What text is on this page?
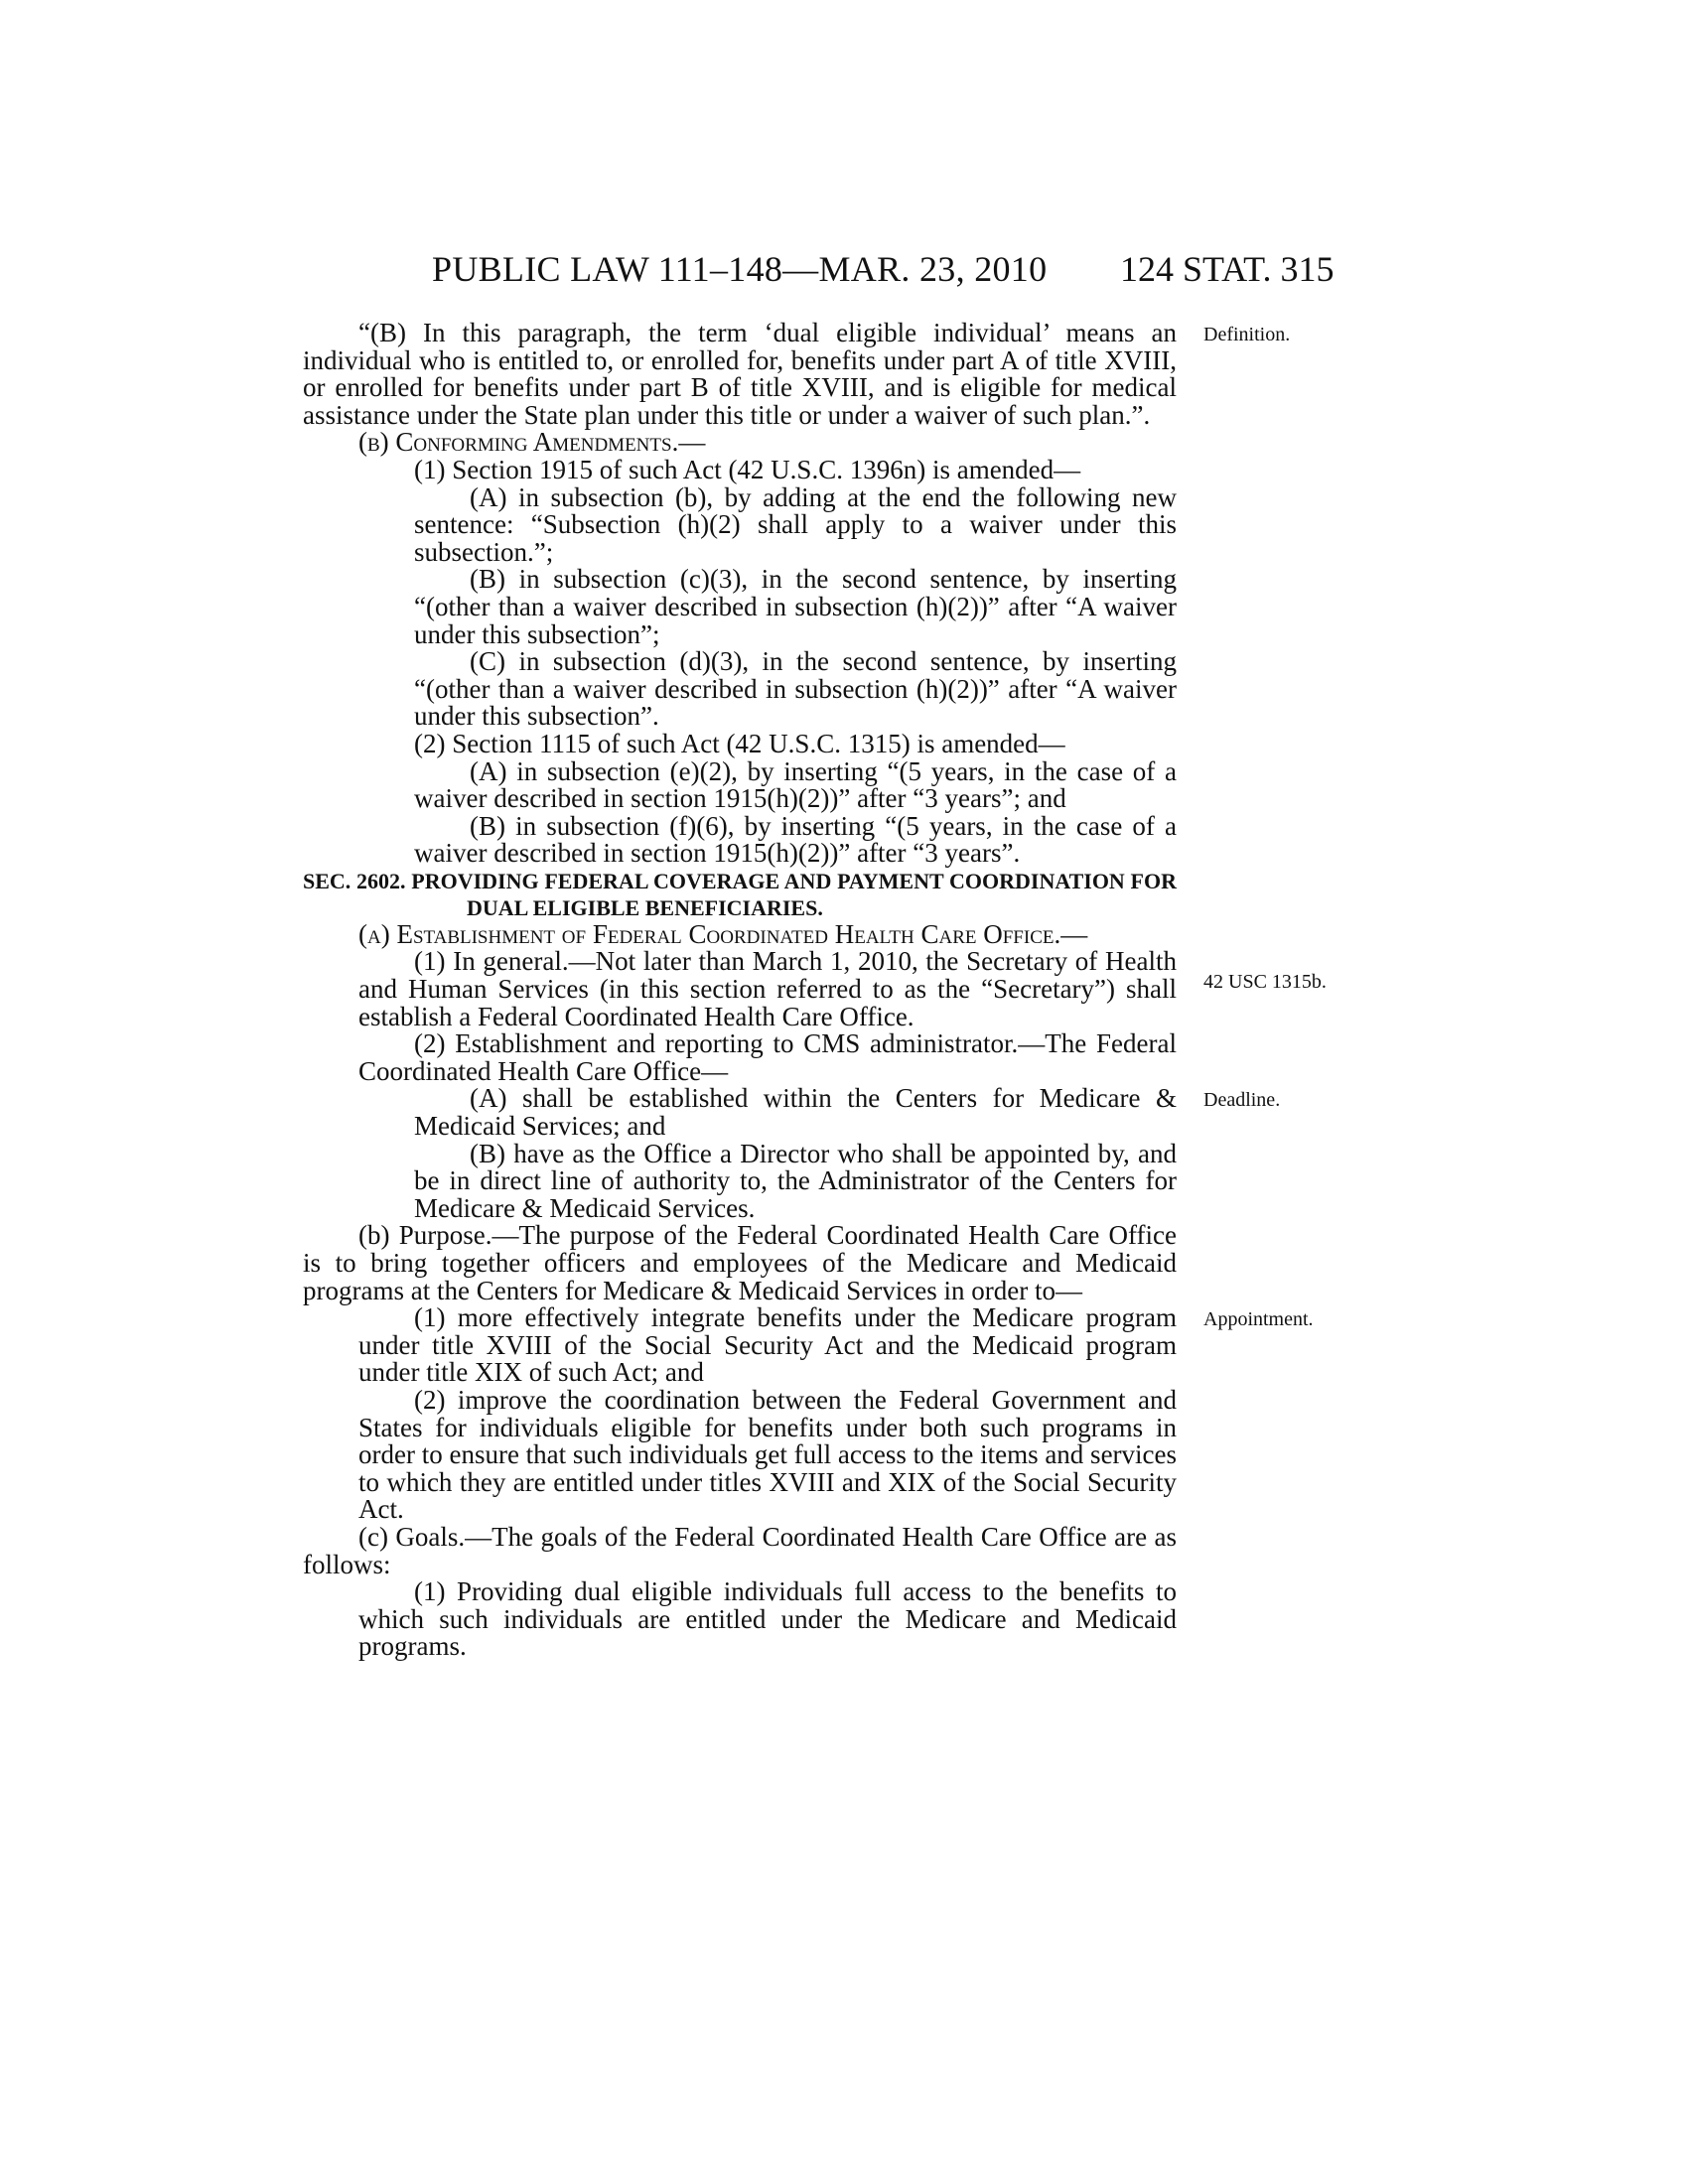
PUBLIC LAW 111–148—MAR. 23, 2010 124 STAT. 315
Definition.
42 USC 1315b.
Deadline.
Appointment.

“(B) In this paragraph, the term ‘dual eligible individual’ means an individual who is entitled to, or enrolled for, benefits under part A of title XVIII, or enrolled for benefits under part B of title XVIII, and is eligible for medical assistance under the State plan under this title or under a waiver of such plan.”.

(b) Conforming Amendments.—

(1) Section 1915 of such Act (42 U.S.C. 1396n) is amended—

(A) in subsection (b), by adding at the end the following new sentence: “Subsection (h)(2) shall apply to a waiver under this subsection.”;

(B) in subsection (c)(3), in the second sentence, by inserting “(other than a waiver described in subsection (h)(2))” after “A waiver under this subsection”;

(C) in subsection (d)(3), in the second sentence, by inserting “(other than a waiver described in subsection (h)(2))” after “A waiver under this subsection”.

(2) Section 1115 of such Act (42 U.S.C. 1315) is amended—

(A) in subsection (e)(2), by inserting “(5 years, in the case of a waiver described in section 1915(h)(2))” after “3 years”; and

(B) in subsection (f)(6), by inserting “(5 years, in the case of a waiver described in section 1915(h)(2))” after “3 years”.

SEC. 2602. PROVIDING FEDERAL COVERAGE AND PAYMENT COORDINATION FOR DUAL ELIGIBLE BENEFICIARIES.

(a) Establishment of Federal Coordinated Health Care Office.—

(1) In general.—Not later than March 1, 2010, the Secretary of Health and Human Services (in this section referred to as the “Secretary”) shall establish a Federal Coordinated Health Care Office.

(2) Establishment and reporting to CMS administrator.—The Federal Coordinated Health Care Office—

(A) shall be established within the Centers for Medicare & Medicaid Services; and

(B) have as the Office a Director who shall be appointed by, and be in direct line of authority to, the Administrator of the Centers for Medicare & Medicaid Services.

(b) Purpose.—The purpose of the Federal Coordinated Health Care Office is to bring together officers and employees of the Medicare and Medicaid programs at the Centers for Medicare & Medicaid Services in order to—

(1) more effectively integrate benefits under the Medicare program under title XVIII of the Social Security Act and the Medicaid program under title XIX of such Act; and

(2) improve the coordination between the Federal Government and States for individuals eligible for benefits under both such programs in order to ensure that such individuals get full access to the items and services to which they are entitled under titles XVIII and XIX of the Social Security Act.

(c) Goals.—The goals of the Federal Coordinated Health Care Office are as follows:

(1) Providing dual eligible individuals full access to the benefits to which such individuals are entitled under the Medicare and Medicaid programs.
